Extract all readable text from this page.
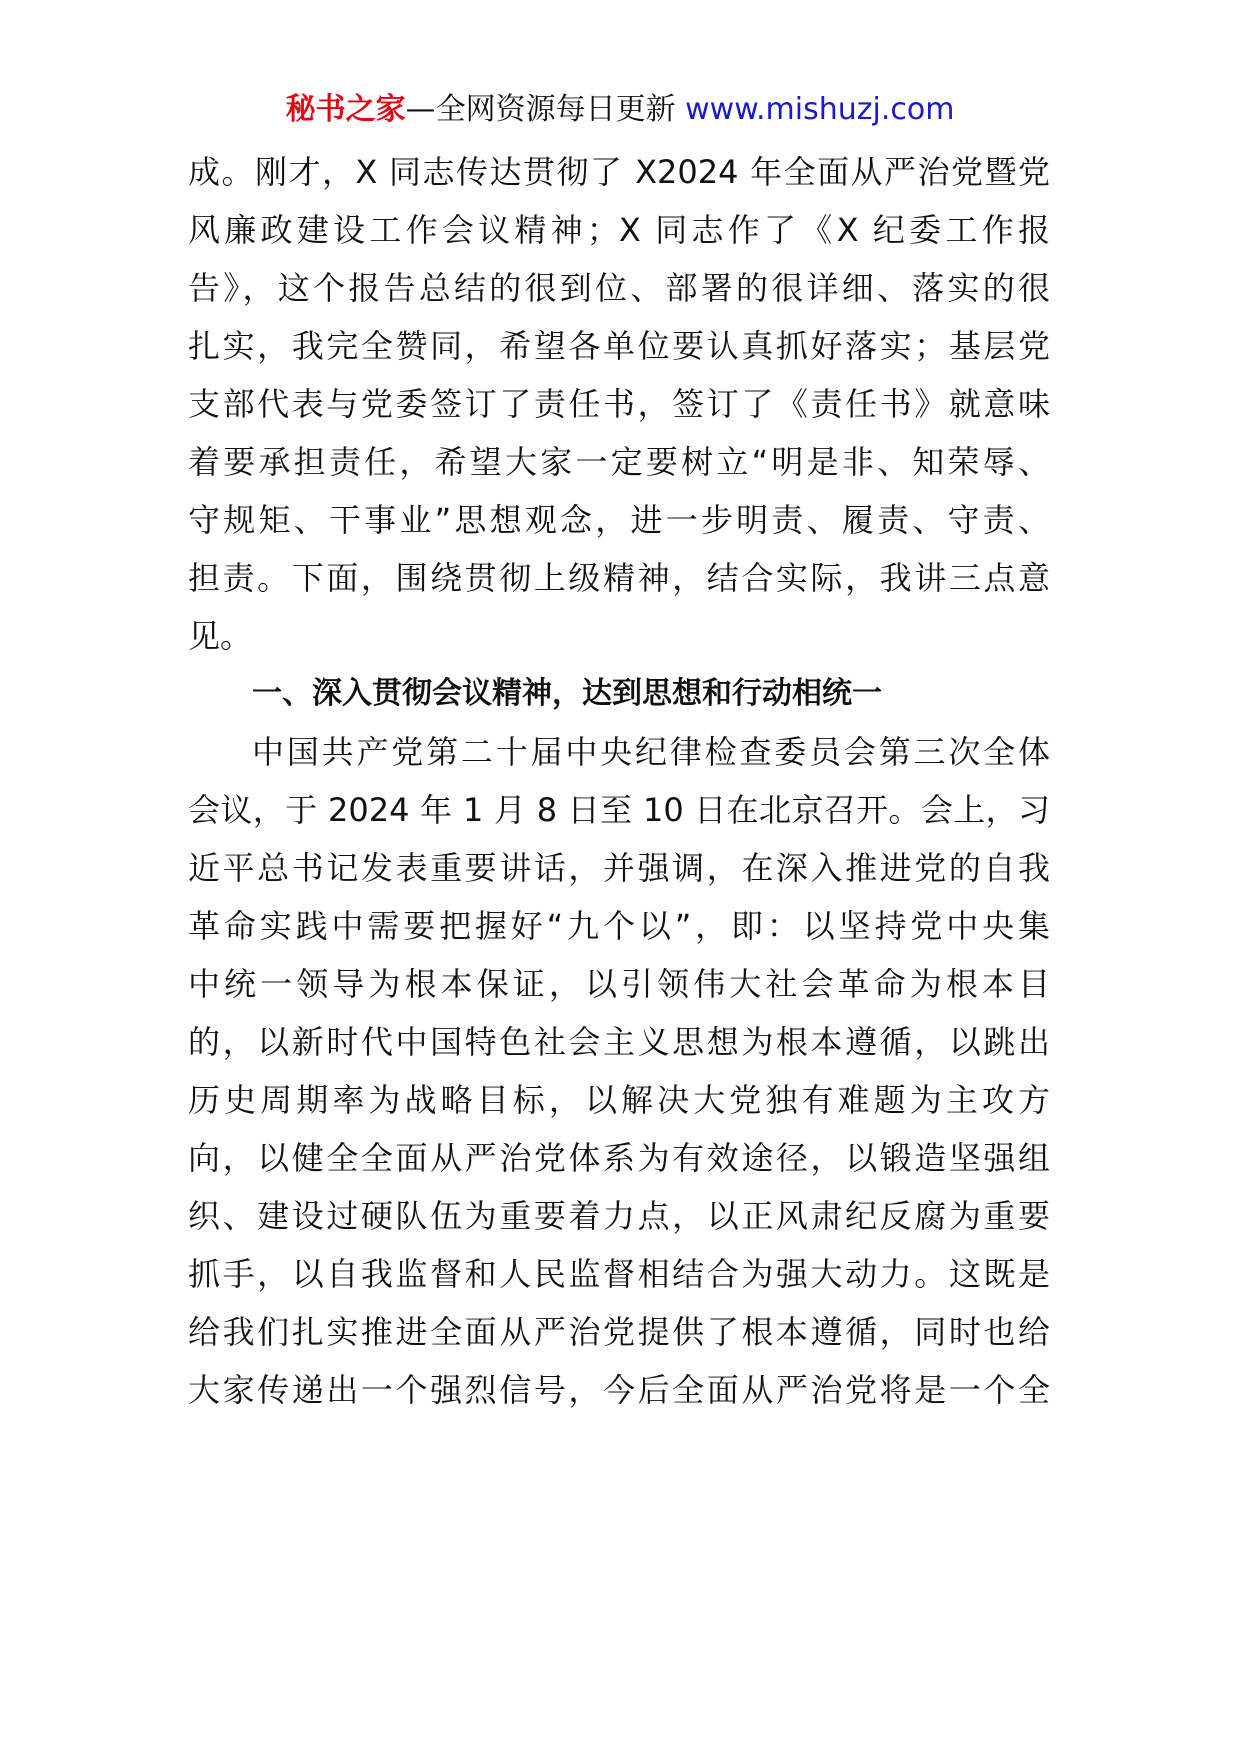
秘书之家—全网资源每日更新 www.mishuzj.com
成。刚才，X 同志传达贯彻了 X2024 年全面从严治党暨党
风廉政建设工作会议精神；X 同志作了《X 纪委工作报
告》，这个报告总结的很到位、部署的很详细、落实的很
扎实，我完全赞同，希望各单位要认真抓好落实；基层党
支部代表与党委签订了责任书，签订了《责任书》就意味
着要承担责任，希望大家一定要树立“明是非、知荣辱、
守规矩、干事业”思想观念，进一步明责、履责、守责、
担责。下面，围绕贯彻上级精神，结合实际，我讲三点意
见。
一、深入贯彻会议精神，达到思想和行动相统一
中国共产党第二十届中央纪律检查委员会第三次全体
会议，于 2024 年 1 月 8 日至 10 日在北京召开。会上，习
近平总书记发表重要讲话，并强调，在深入推进党的自我
革命实践中需要把握好“九个以”，即：以坚持党中央集
中统一领导为根本保证，以引领伟大社会革命为根本目
的，以新时代中国特色社会主义思想为根本遵循，以跳出
历史周期率为战略目标，以解决大党独有难题为主攻方
向，以健全全面从严治党体系为有效途径，以锻造坚强组
织、建设过硬队伍为重要着力点，以正风肃纪反腐为重要
抓手，以自我监督和人民监督相结合为强大动力。这既是
给我们扎实推进全面从严治党提供了根本遵循，同时也给
大家传递出一个强烈信号，今后全面从严治党将是一个全
